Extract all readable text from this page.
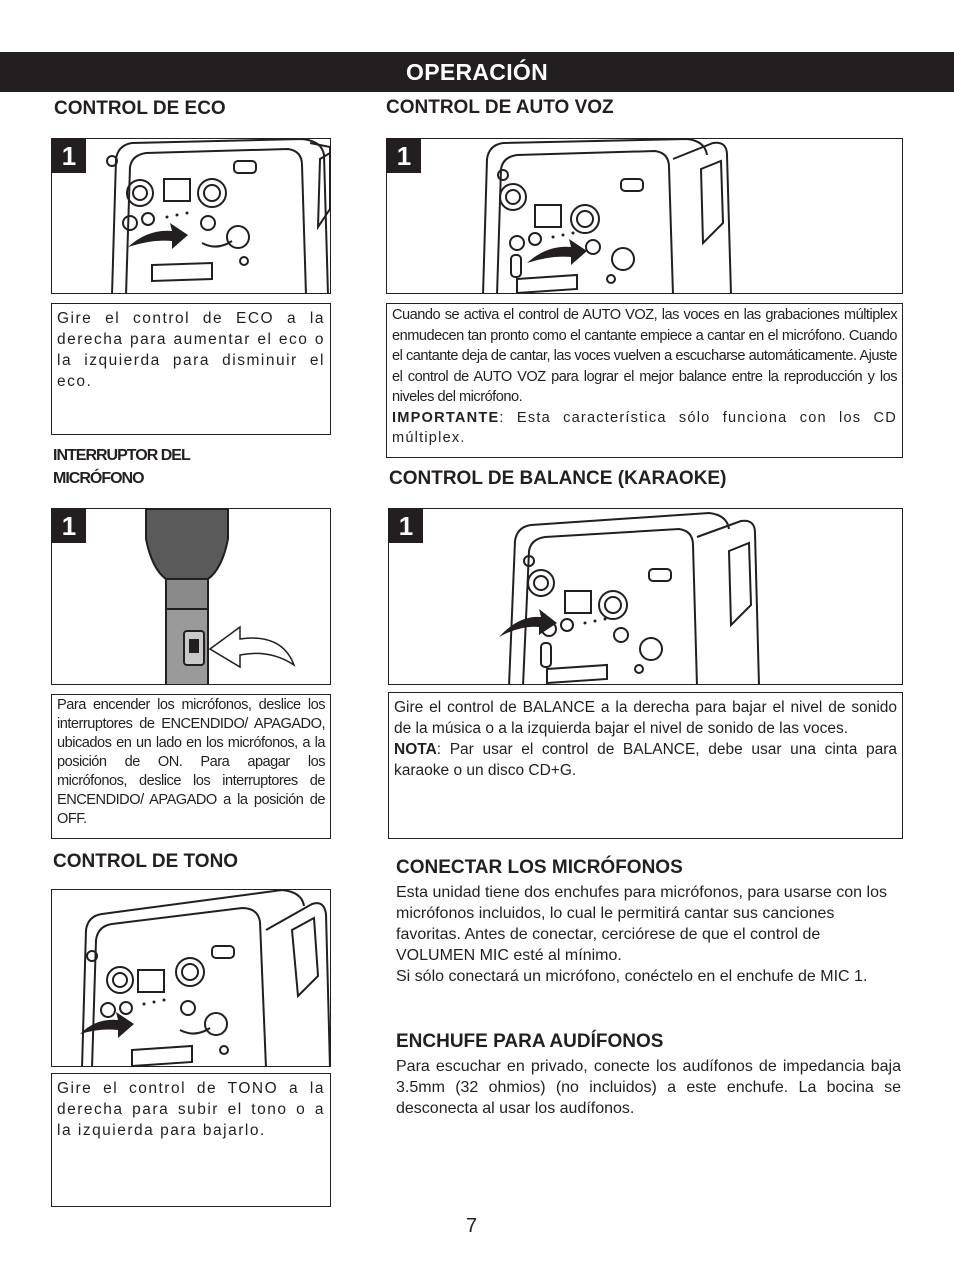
OPERACIÓN
CONTROL DE ECO
1

Gire el control de ECO a la derecha para aumentar el eco o la izquierda para disminuir el eco.

INTERRUPTOR DEL
MICRÓFONO
1

Para encender los micrófonos, deslice los interruptores de ENCENDIDO/ APAGADO, ubicados en un lado en los micrófonos, a la posición de ON. Para apagar los micrófonos, deslice los interruptores de ENCENDIDO/ APAGADO a la posición de OFF.

CONTROL DE TONO

Gire el control de TONO a la derecha para subir el tono o a la izquierda para bajarlo.

CONTROL DE AUTO VOZ
1

Cuando se activa el control de AUTO VOZ, las voces en las grabaciones múltiplex enmudecen tan pronto como el cantante empiece a cantar en el micrófono. Cuando el cantante deja de cantar, las voces vuelven a escucharse automáticamente. Ajuste el control de AUTO VOZ para lograr el mejor balance entre la reproducción y los niveles del micrófono.

IMPORTANTE: Esta característica sólo funciona con los CD múltiplex.

CONTROL DE BALANCE (KARAOKE)
1

Gire el control de BALANCE a la derecha para bajar el nivel de sonido de la música o a la izquierda bajar el nivel de sonido de las voces.

NOTA: Par usar el control de BALANCE, debe usar una cinta para karaoke o un disco CD+G.

CONECTAR LOS MICRÓFONOS

Esta unidad tiene dos enchufes para micrófonos, para usarse con los micrófonos incluidos, lo cual le permitirá cantar sus canciones favoritas. Antes de conectar, cerciórese de que el control de VOLUMEN MIC esté al mínimo.

Si sólo conectará un micrófono, conéctelo en el enchufe de MIC 1.

ENCHUFE PARA AUDÍFONOS

Para escuchar en privado, conecte los audífonos de impedancia baja 3.5mm (32 ohmios) (no incluidos) a este enchufe. La bocina se desconecta al usar los audífonos.

7
